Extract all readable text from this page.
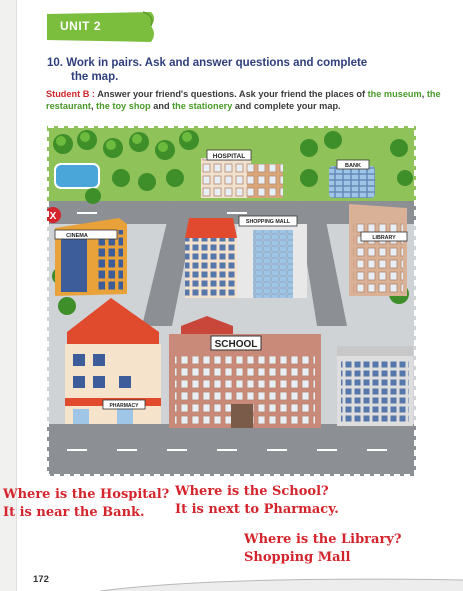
UNIT 2
10. Work in pairs. Ask and answer questions and complete
the map.
Student B : Answer your friend's questions. Ask your friend the places of the museum, the restaurant, the toy shop and the stationery and complete your map.
HOSPITAL
BANK
CINEMA
X	SHOPPING MALL
LIBRARY
PHARMACY
SCHOOL
Where is the Hospital?
It is near the Bank.
Where is the School?
It is next to Pharmacy.
Where is the Library?
Shopping Mall
172
